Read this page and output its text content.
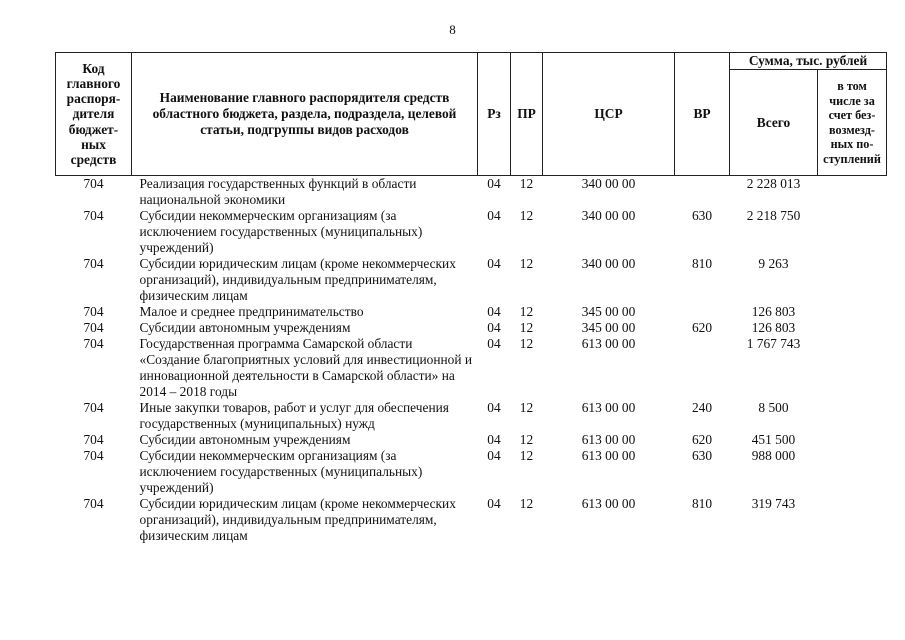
8
Код главного распоря-дителя бюджет-ных средств	Наименование главного распорядителя средств областного бюджета, раздела, подраздела, целевой статьи, подгруппы видов расходов	Рз	ПР	ЦСР	ВР	Сумма, тыс. рублей	
						Всего	в том числе за счет без-возмезд-ных по-ступлений
704	Реализация государственных функций в области национальной экономики	04	12	340 00 00		2 228 013	
704	Субсидии некоммерческим организациям (за исключением государственных (муниципальных) учреждений)	04	12	340 00 00	630	2 218 750	
704	Субсидии юридическим лицам (кроме некоммерческих организаций), индивидуальным предпринимателям, физическим лицам	04	12	340 00 00	810	9 263	
704	Малое и среднее предпринимательство	04	12	345 00 00		126 803	
704	Субсидии автономным учреждениям	04	12	345 00 00	620	126 803	
704	Государственная программа Самарской области «Создание благоприятных условий для инвестиционной и инновационной деятельности в Самарской области» на 2014 – 2018 годы	04	12	613 00 00		1 767 743	
704	Иные закупки товаров, работ и услуг для обеспечения государственных (муниципальных) нужд	04	12	613 00 00	240	8 500	
704	Субсидии автономным учреждениям	04	12	613 00 00	620	451 500	
704	Субсидии некоммерческим организациям (за исключением государственных (муниципальных) учреждений)	04	12	613 00 00	630	988 000	
704	Субсидии юридическим лицам (кроме некоммерческих организаций), индивидуальным предпринимателям, физическим лицам	04	12	613 00 00	810	319 743	
